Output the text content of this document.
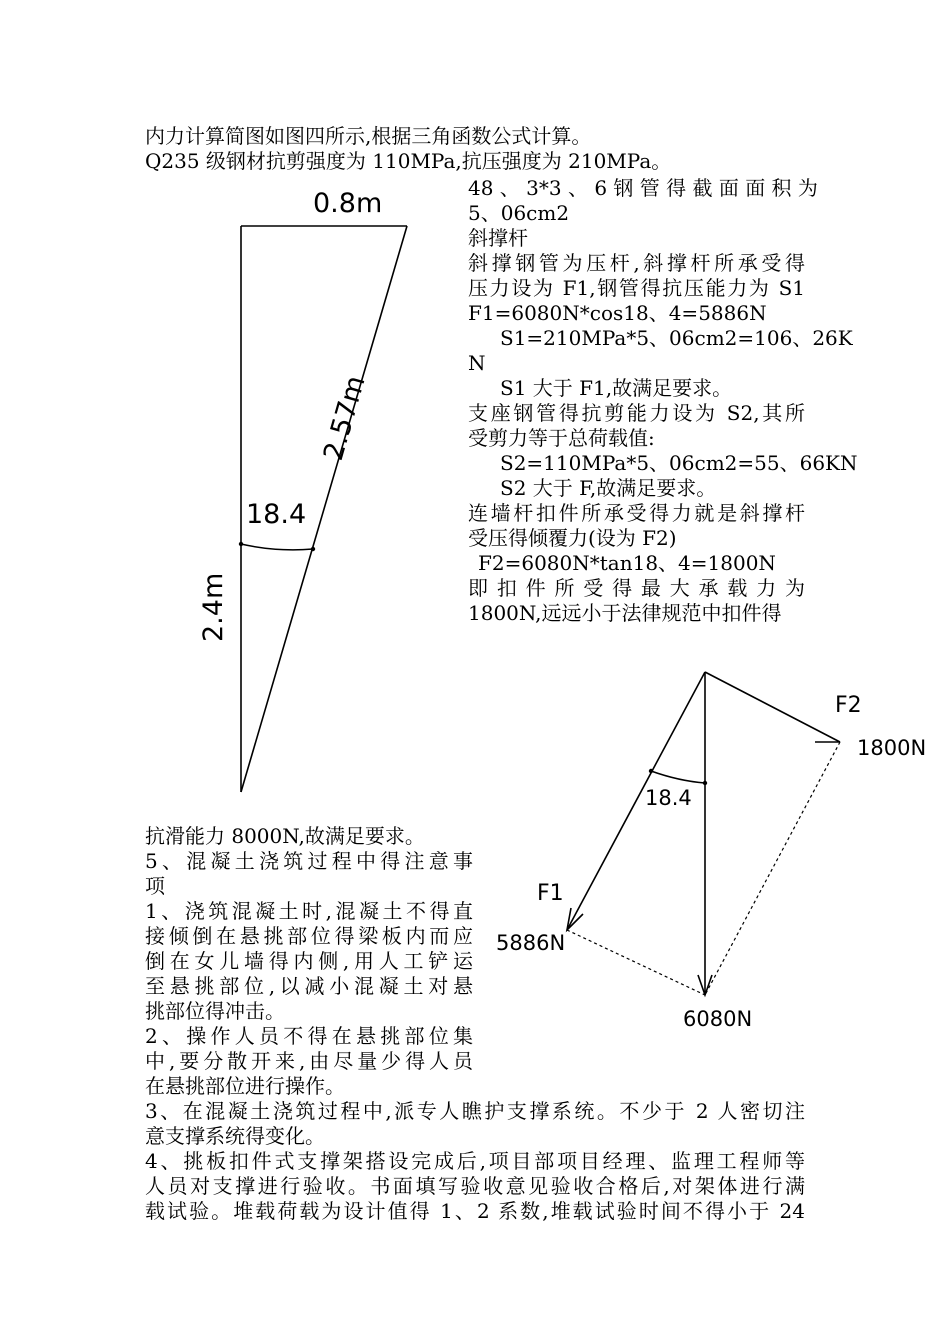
内力计算简图如图四所示,根据三角函数公式计算。
Q235 级钢材抗剪强度为 110MPa,抗压强度为 210MPa。
48 、 3*3 、 6 钢 管 得 截 面 面 积 为
5、06cm2
斜撑杆
斜撑钢管为压杆,斜撑杆所承受得
压力设为 F1,钢管得抗压能力为 S1
F1=6080N*cos18、4=5886N
S1=210MPa*5、06cm2=106、26K
N
S1 大于 F1,故满足要求。
支座钢管得抗剪能力设为 S2,其所
受剪力等于总荷载值:
S2=110MPa*5、06cm2=55、66KN
S2 大于 F,故满足要求。
连墙杆扣件所承受得力就是斜撑杆
受压得倾覆力(设为 F2)
F2=6080N*tan18、4=1800N
即 扣 件 所 受 得 最 大 承 载 力 为
1800N,远远小于法律规范中扣件得
抗滑能力 8000N,故满足要求。
5、混凝土浇筑过程中得注意事
项
1、浇筑混凝土时,混凝土不得直
接倾倒在悬挑部位得梁板内而应
倒在女儿墙得内侧,用人工铲运
至悬挑部位,以减小混凝土对悬
挑部位得冲击。
2、操作人员不得在悬挑部位集
中,要分散开来,由尽量少得人员
在悬挑部位进行操作。
3、在混凝土浇筑过程中,派专人瞧护支撑系统。不少于 2 人密切注
意支撑系统得变化。
4、挑板扣件式支撑架搭设完成后,项目部项目经理、监理工程师等
人员对支撑进行验收。书面填写验收意见验收合格后,对架体进行满
载试验。堆载荷载为设计值得 1、2 系数,堆载试验时间不得小于 24
0.8m
2.57m
18.4
2.4m
F2
1800N
18.4
F1
5886N
6080N
